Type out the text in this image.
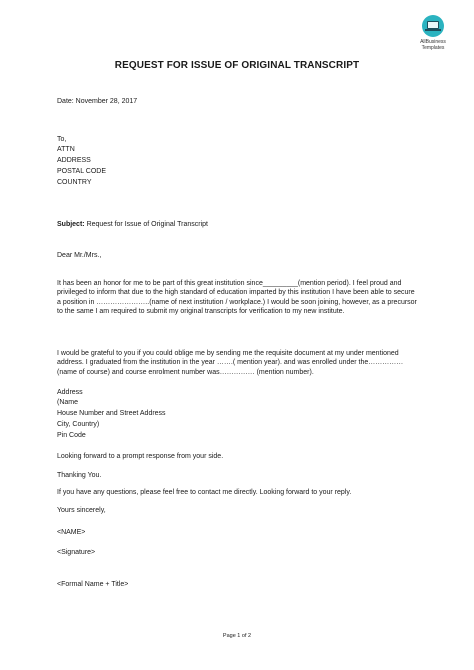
AllBusiness
Templates
REQUEST FOR ISSUE OF ORIGINAL TRANSCRIPT
Date: November 28, 2017
To,
ATTN
ADDRESS
POSTAL CODE
COUNTRY
Subject: Request for Issue of Original Transcript
Dear Mr./Mrs.,
It has been an honor for me to be part of this great institution since_________(mention period). I feel proud and privileged to inform that due to the high standard of education imparted by this institution I have been able to secure a position in …………………..(name of next institution / workplace.) I would be soon joining, however, as a precursor to the same I am required to submit my original transcripts for verification to my new institute.
I would be grateful to you if you could oblige me by sending me the requisite document at my under mentioned address. I graduated from the institution in the year …….( mention year). and was enrolled under the……………(name of course) and course enrolment number was…………… (mention number).
Address
(Name
House Number and Street Address
City, Country)
Pin Code
Looking forward to a prompt response from your side.
Thanking You.
If you have any questions, please feel free to contact me directly. Looking forward to your reply.
Yours sincerely,
<NAME>
<Signature>
<Formal Name + Title>
Page 1 of 2
